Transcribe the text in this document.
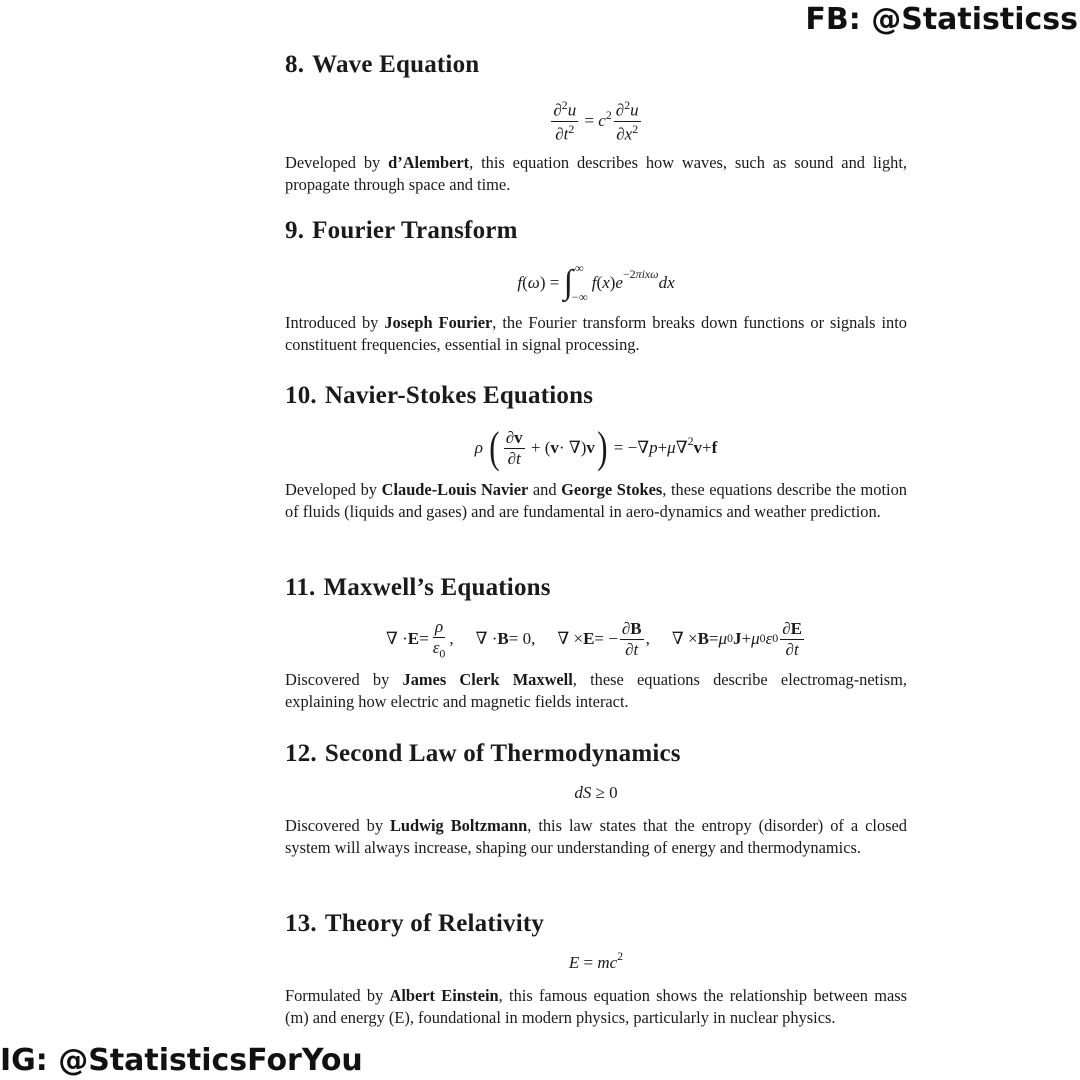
FB: @Statisticss
8. Wave Equation
$\frac{\partial^2u}{\partial t^2} = c^2 \frac{\partial^2u}{\partial x^2}$

Developed by d’Alembert, this equation describes how waves, such as sound and light, propagate through space and time.

9. Fourier Transform
f ( ω ) = ∫ ∞
−∞

f ( x ) $e^{-2\pi ix\omega}$ dx

Introduced by Joseph Fourier, the Fourier transform breaks down functions or signals into constituent frequencies, essential in signal processing.

10. Navier-Stokes Equations
ρ
( $\frac{\partial v}{\partial t}$ + ( v · ∇) v ) = −∇ p + μ ∇$^2$ v + f

Developed by Claude-Louis Navier and George Stokes, these equations describe the motion of fluids (liquids and gases) and are fundamental in aero-dynamics and weather prediction.

11. Maxwell’s Equations
∇ · $E = \frac{\rho}{\varepsilon_0}$ ,
∇ · B = 0,
∇ × E = − $\frac{\partial B}{\partial t}$ ,
∇ × B = μ 0 J + μ 0 ε $0 \frac{\partial E}{\partial t}$

Discovered by James Clerk Maxwell, these equations describe electromag-netism, explaining how electric and magnetic fields interact.

12. Second Law of Thermodynamics
dS ≥ 0

Discovered by Ludwig Boltzmann, this law states that the entropy (disorder) of a closed system will always increase, shaping our understanding of energy and thermodynamics.

13. Theory of Relativity
$E = mc^2$

Formulated by Albert Einstein, this famous equation shows the relationship between mass (m) and energy (E), foundational in modern physics, particularly in nuclear physics.

IG: @StatisticsForYou
